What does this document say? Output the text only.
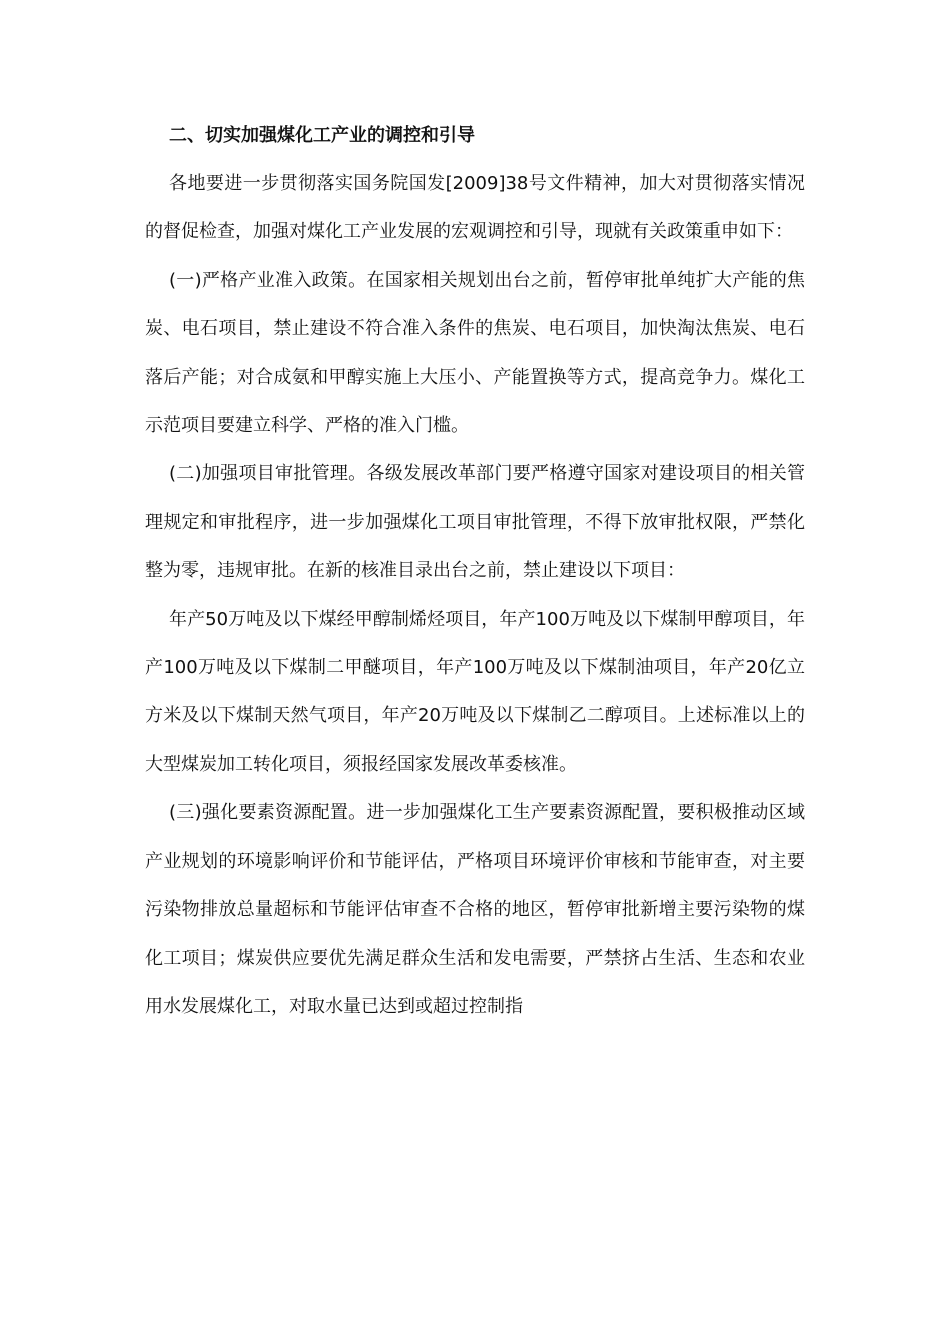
二、切实加强煤化工产业的调控和引导

各地要进一步贯彻落实国务院国发[2009]38号文件精神，加大对贯彻落实情况的督促检查，加强对煤化工产业发展的宏观调控和引导，现就有关政策重申如下：

(一)严格产业准入政策。在国家相关规划出台之前，暂停审批单纯扩大产能的焦炭、电石项目，禁止建设不符合准入条件的焦炭、电石项目，加快淘汰焦炭、电石落后产能；对合成氨和甲醇实施上大压小、产能置换等方式，提高竞争力。煤化工示范项目要建立科学、严格的准入门槛。

(二)加强项目审批管理。各级发展改革部门要严格遵守国家对建设项目的相关管理规定和审批程序，进一步加强煤化工项目审批管理，不得下放审批权限，严禁化整为零，违规审批。在新的核准目录出台之前，禁止建设以下项目：

年产50万吨及以下煤经甲醇制烯烃项目，年产100万吨及以下煤制甲醇项目，年产100万吨及以下煤制二甲醚项目，年产100万吨及以下煤制油项目，年产20亿立方米及以下煤制天然气项目，年产20万吨及以下煤制乙二醇项目。上述标准以上的大型煤炭加工转化项目，须报经国家发展改革委核准。

(三)强化要素资源配置。进一步加强煤化工生产要素资源配置，要积极推动区域产业规划的环境影响评价和节能评估，严格项目环境评价审核和节能审查，对主要污染物排放总量超标和节能评估审查不合格的地区，暂停审批新增主要污染物的煤化工项目；煤炭供应要优先满足群众生活和发电需要，严禁挤占生活、生态和农业用水发展煤化工，对取水量已达到或超过控制指
